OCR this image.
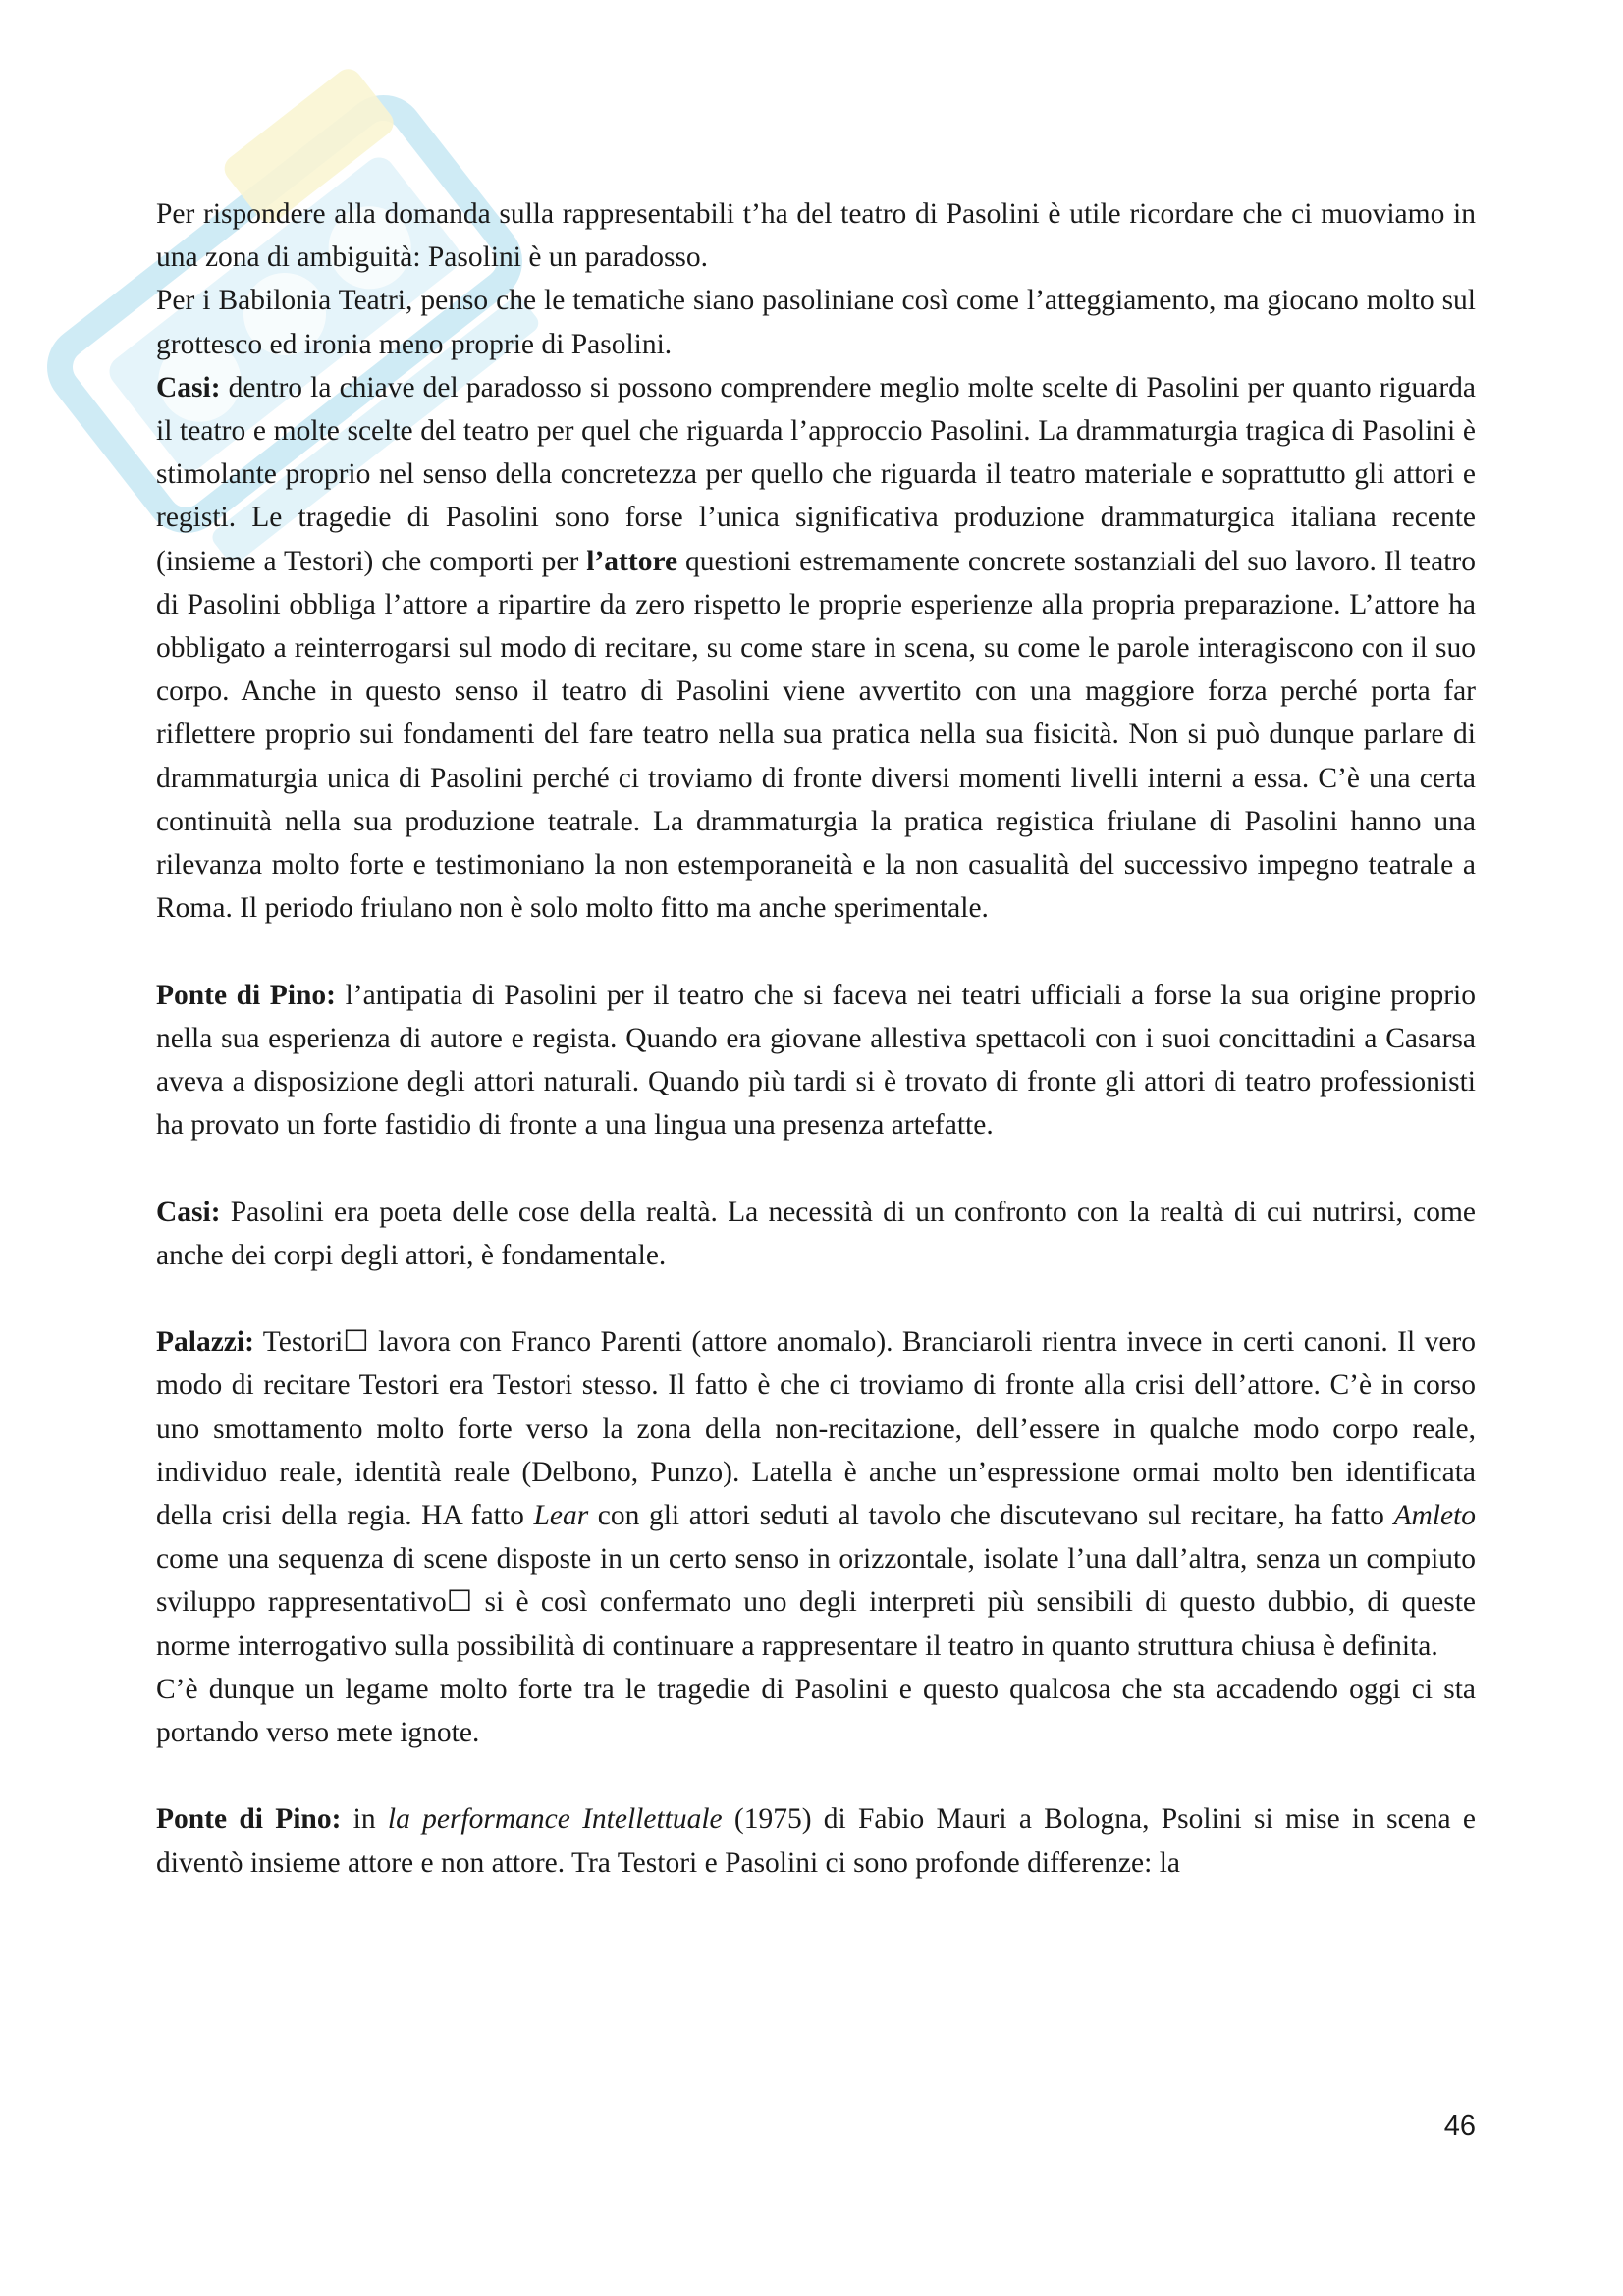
Per rispondere alla domanda sulla rappresentabili t’ha del teatro di Pasolini è utile ricordare che ci muoviamo in una zona di ambiguità: Pasolini è un paradosso.

Per i Babilonia Teatri, penso che le tematiche siano pasoliniane così come l’atteggiamento, ma giocano molto sul grottesco ed ironia meno proprie di Pasolini.

Casi: dentro la chiave del paradosso si possono comprendere meglio molte scelte di Pasolini per quanto riguarda il teatro e molte scelte del teatro per quel che riguarda l’approccio Pasolini. La drammaturgia tragica di Pasolini è stimolante proprio nel senso della concretezza per quello che riguarda il teatro materiale e soprattutto gli attori e registi. Le tragedie di Pasolini sono forse l’unica significativa produzione drammaturgica italiana recente (insieme a Testori) che comporti per l’attore questioni estremamente concrete sostanziali del suo lavoro. Il teatro di Pasolini obbliga l’attore a ripartire da zero rispetto le proprie esperienze alla propria preparazione. L’attore ha obbligato a reinterrogarsi sul modo di recitare, su come stare in scena, su come le parole interagiscono con il suo corpo. Anche in questo senso il teatro di Pasolini viene avvertito con una maggiore forza perché porta far riflettere proprio sui fondamenti del fare teatro nella sua pratica nella sua fisicità. Non si può dunque parlare di drammaturgia unica di Pasolini perché ci troviamo di fronte diversi momenti livelli interni a essa. C’è una certa continuità nella sua produzione teatrale. La drammaturgia la pratica registica friulane di Pasolini hanno una rilevanza molto forte e testimoniano la non estemporaneità e la non casualità del successivo impegno teatrale a Roma. Il periodo friulano non è solo molto fitto ma anche sperimentale.

Ponte di Pino: l’antipatia di Pasolini per il teatro che si faceva nei teatri ufficiali a forse la sua origine proprio nella sua esperienza di autore e regista. Quando era giovane allestiva spettacoli con i suoi concittadini a Casarsa aveva a disposizione degli attori naturali. Quando più tardi si è trovato di fronte gli attori di teatro professionisti ha provato un forte fastidio di fronte a una lingua una presenza artefatte.

Casi: Pasolini era poeta delle cose della realtà. La necessità di un confronto con la realtà di cui nutrirsi, come anche dei corpi degli attori, è fondamentale.

Palazzi: Testori☐ lavora con Franco Parenti (attore anomalo). Branciaroli rientra invece in certi canoni. Il vero modo di recitare Testori era Testori stesso. Il fatto è che ci troviamo di fronte alla crisi dell’attore. C’è in corso uno smottamento molto forte verso la zona della non-recitazione, dell’essere in qualche modo corpo reale, individuo reale, identità reale (Delbono, Punzo). Latella è anche un’espressione ormai molto ben identificata della crisi della regia. HA fatto Lear con gli attori seduti al tavolo che discutevano sul recitare, ha fatto Amleto come una sequenza di scene disposte in un certo senso in orizzontale, isolate l’una dall’altra, senza un compiuto sviluppo rappresentativo☐ si è così confermato uno degli interpreti più sensibili di questo dubbio, di queste norme interrogativo sulla possibilità di continuare a rappresentare il teatro in quanto struttura chiusa è definita.

C’è dunque un legame molto forte tra le tragedie di Pasolini e questo qualcosa che sta accadendo oggi ci sta portando verso mete ignote.

Ponte di Pino: in la performance Intellettuale (1975) di Fabio Mauri a Bologna, Psolini si mise in scena e diventò insieme attore e non attore. Tra Testori e Pasolini ci sono profonde differenze: la

46
